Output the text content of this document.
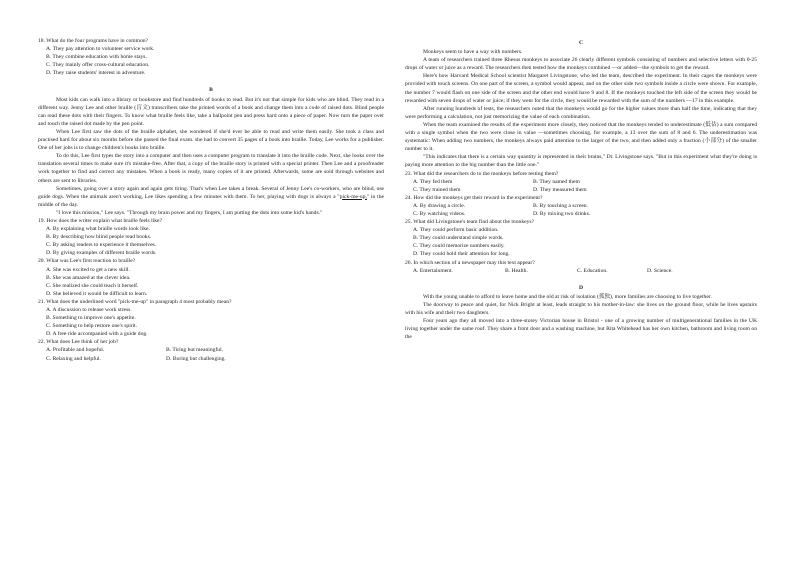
18. What do the four programs have in common?

A. They pay attention to volunteer service work.

B. They combine education with home stays.

C. They mainly offer cross-cultural education.

D. They raise students' interest in adventure.

B

Most kids can walk into a library or bookstore and find hundreds of books to read. But it's not that simple for kids who are blind. They read in a different way. Jenny Lee and other braille (盲文) transcribers take the printed words of a book and change them into a code of raised dots. Blind people can read these dots with their fingers. To know what braille feels like, take a ballpoint pen and press hard onto a piece of paper. Now turn the paper over and touch the raised dot made by the pen point.

When Lee first saw the dots of the braille alphabet, she wondered if she'd ever be able to read and write them easily. She took a class and practised hard for about six months before she passed the final exam. she had to convert 35 pages of a book into braille. Today, Lee works for a publisher. One of her jobs is to change children's books into braille.

To do this, Lee first types the story into a computer and then uses a computer program to translate it into the braille code. Next, she looks over the translation several times to make sure it's mistake-free. After that, a copy of the braille story is printed with a special printer. Then Lee and a proofreader work together to find and correct any mistakes. When a book is ready, many copies of it are printed. Afterwards, some are sold through websites and others are sent to libraries.

Sometimes, going over a story again and again gets tiring. That's when Lee takes a break. Several of Jenny Lee's co-workers, who are blind, use guide dogs. When the animals aren't working, Lee likes spending a few minutes with them. To her, playing with dogs is always a "pick-me-up," in the middle of the day.

"I love this mission," Lee says. "Through my brain power and my fingers, I am putting the dots into some kid's hands."

19. How does the writer explain what braille feels like?

A. By explaining what braille words look like.

B. By describing how blind people read books.

C. By asking readers to experience it themselves.

D. By giving examples of different braille words.

20. What was Lee's first reaction to braille?

A. She was excited to get a new skill.

B. She was amazed at the clever idea.

C. She realized she could teach it herself.

D. She believed it would be difficult to learn.

21. What does the underlined word "pick-me-up" in paragraph 4 most probably mean?

A. A discussion to release work stress.

B. Something to improve one's appetite.

C. Something to help restore one's spirit.

D. A free ride accompanied with a guide dog.

22. What does Lee think of her job?

A. Profitable and hopeful.	B. Tiring but meaningful.
C. Relaxing and helpful.	D. Boring but challenging.

C

Monkeys seem to have a way with numbers.

A team of researchers trained three Rhesus monkeys to associate 26 clearly different symbols consisting of numbers and selective letters with 0-25 drops of water or juice as a reward. The researchers then tested how the monkeys combined —or added—the symbols to get the reward.

Here's how Harvard Medical School scientist Margaret Livingstone, who led the team, described the experiment. In their cages the monkeys were provided with touch screens. On one part of the screen, a symbol would appear, and on the other side two symbols inside a circle were shown. For example, the number 7 would flash on one side of the screen and the other end would have 9 and 8. If the monkeys touched the left side of the screen they would be rewarded with seven drops of water or juice; if they went for the circle, they would be rewarded with the sum of the numbers —17 in this example.

After running hundreds of tests, the researchers noted that the monkeys would go for the higher values more than half the time, indicating that they were performing a calculation, not just memorizing the value of each combination.

When the team examined the results of the experiment more closely, they noticed that the monkeys tended to underestimate (低估) a sum compared with a single symbol when the two were close in value —sometimes choosing, for example, a 13 over the sum of 8 and 6. The underestimation was systematic: When adding two numbers, the monkeys always paid attention to the larger of the two, and then added only a fraction (小部分) of the smaller number to it.

"This indicates that there is a certain way quantity is represented in their brains," Dr. Livingstone says. "But in this experiment what they're doing is paying more attention to the big number than the little one."

23. What did the researchers do to the monkeys before testing them?

A. They fed them	B. They named them
C. They trained them	D. They measured them

24. How did the monkeys get their reward in the experiment?

A. By drawing a circle.	B. By touching a screen.
C. By watching videos.	D. By mixing two drinks.

25. What did Livingstone's team find about the monkeys?

A. They could perform basic addition.

B. They could understand simple words.

C. They could memorize numbers easily.

D. They could hold their attention for long.

26. In which section of a newspaper may this text appear?

A. Entertainment.	B. Health.	C. Education.	D. Science.

D

With the young unable to afford to leave home and the old at risk of isolation (孤独), more families are choosing to live together.

The doorway to peace and quiet, for Nick Bright at least, leads straight to his mother-in-law: she lives on the ground floor, while he lives upstairs with his wife and their two daughters.

Four years ago they all moved into a three-storey Victorian house in Bristol - one of a growing number of multigenerational families in the UK living together under the same roof. They share a front door and a washing machine, but Rita Whitehead has her own kitchen, bathroom and living room on the
